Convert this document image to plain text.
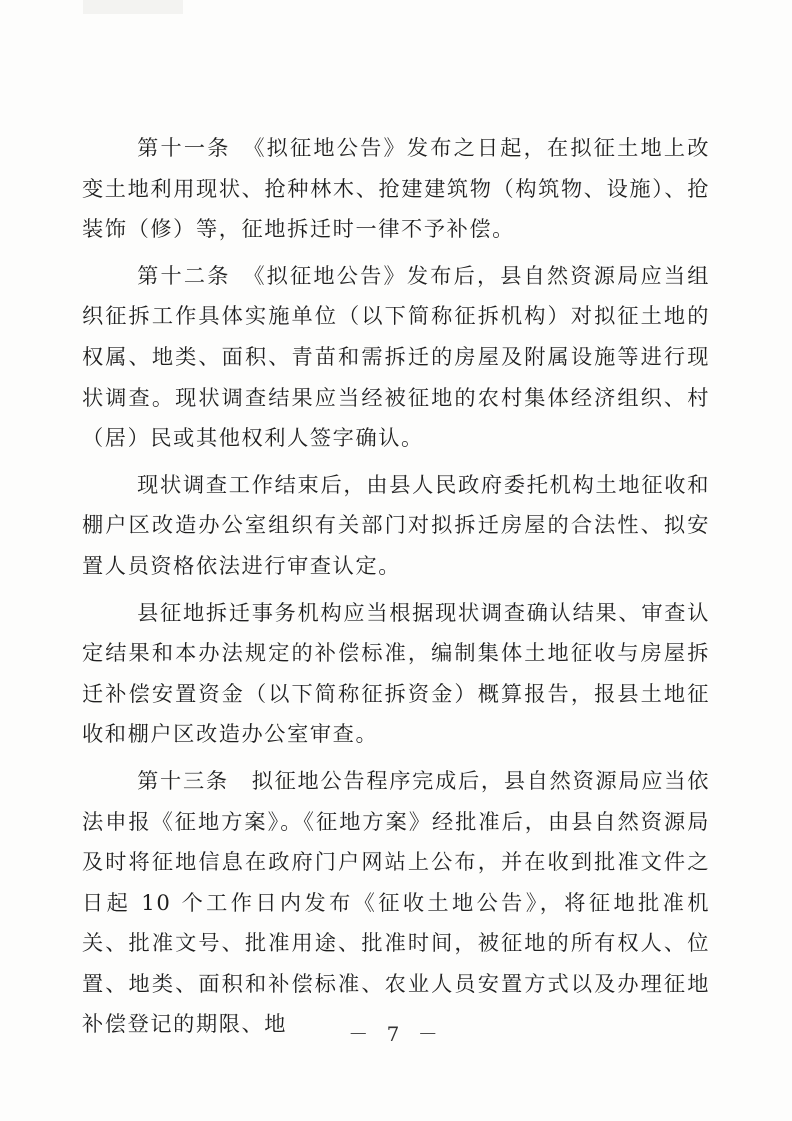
第十一条　《拟征地公告》发布之日起，在拟征土地上改变土地利用现状、抢种林木、抢建建筑物（构筑物、设施）、抢装饰（修）等，征地拆迁时一律不予补偿。

第十二条　《拟征地公告》发布后，县自然资源局应当组织征拆工作具体实施单位（以下简称征拆机构）对拟征土地的权属、地类、面积、青苗和需拆迁的房屋及附属设施等进行现状调查。现状调查结果应当经被征地的农村集体经济组织、村（居）民或其他权利人签字确认。

现状调查工作结束后，由县人民政府委托机构土地征收和棚户区改造办公室组织有关部门对拟拆迁房屋的合法性、拟安置人员资格依法进行审查认定。

县征地拆迁事务机构应当根据现状调查确认结果、审查认定结果和本办法规定的补偿标准，编制集体土地征收与房屋拆迁补偿安置资金（以下简称征拆资金）概算报告，报县土地征收和棚户区改造办公室审查。

第十三条　拟征地公告程序完成后，县自然资源局应当依法申报《征地方案》。《征地方案》经批准后，由县自然资源局及时将征地信息在政府门户网站上公布，并在收到批准文件之日起 10 个工作日内发布《征收土地公告》，将征地批准机关、批准文号、批准用途、批准时间，被征地的所有权人、位置、地类、面积和补偿标准、农业人员安置方式以及办理征地补偿登记的期限、地	－ 7 －
